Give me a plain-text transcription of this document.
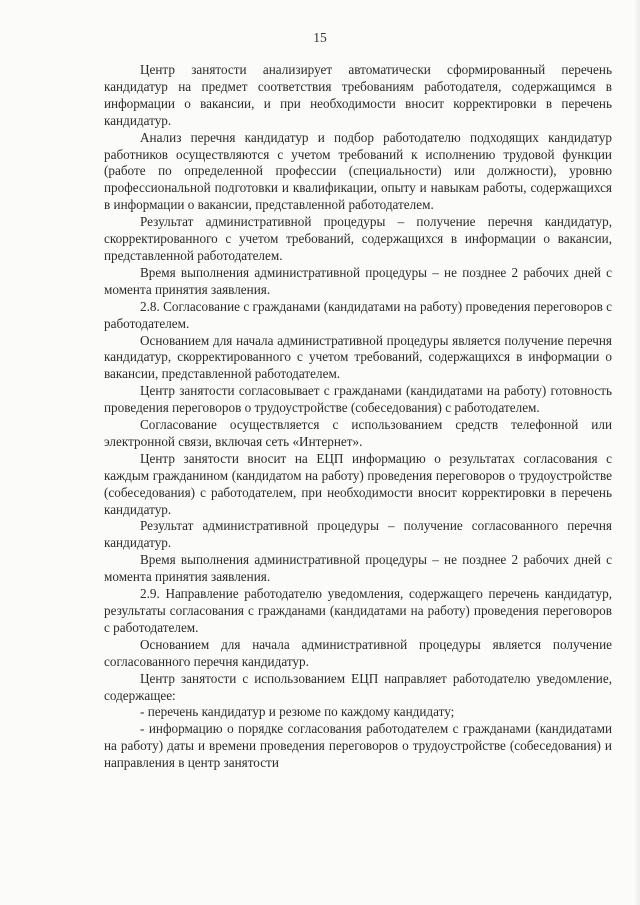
15

Центр занятости анализирует автоматически сформированный перечень кандидатур на предмет соответствия требованиям работодателя, содержащимся в информации о вакансии, и при необходимости вносит корректировки в перечень кандидатур.

Анализ перечня кандидатур и подбор работодателю подходящих кандидатур работников осуществляются с учетом требований к исполнению трудовой функции (работе по определенной профессии (специальности) или должности), уровню профессиональной подготовки и квалификации, опыту и навыкам работы, содержащихся в информации о вакансии, представленной работодателем.

Результат административной процедуры – получение перечня кандидатур, скорректированного с учетом требований, содержащихся в информации о вакансии, представленной работодателем.

Время выполнения административной процедуры – не позднее 2 рабочих дней с момента принятия заявления.

2.8. Согласование с гражданами (кандидатами на работу) проведения переговоров с работодателем.

Основанием для начала административной процедуры является получение перечня кандидатур, скорректированного с учетом требований, содержащихся в информации о вакансии, представленной работодателем.

Центр занятости согласовывает с гражданами (кандидатами на работу) готовность проведения переговоров о трудоустройстве (собеседования) с работодателем.

Согласование осуществляется с использованием средств телефонной или электронной связи, включая сеть «Интернет».

Центр занятости вносит на ЕЦП информацию о результатах согласования с каждым гражданином (кандидатом на работу) проведения переговоров о трудоустройстве (собеседования) с работодателем, при необходимости вносит корректировки в перечень кандидатур.

Результат административной процедуры – получение согласованного перечня кандидатур.

Время выполнения административной процедуры – не позднее 2 рабочих дней с момента принятия заявления.

2.9. Направление работодателю уведомления, содержащего перечень кандидатур, результаты согласования с гражданами (кандидатами на работу) проведения переговоров с работодателем.

Основанием для начала административной процедуры является получение согласованного перечня кандидатур.

Центр занятости с использованием ЕЦП направляет работодателю уведомление, содержащее:

- перечень кандидатур и резюме по каждому кандидату;

- информацию о порядке согласования работодателем с гражданами (кандидатами на работу) даты и времени проведения переговоров о трудоустройстве (собеседования) и направления в центр занятости
